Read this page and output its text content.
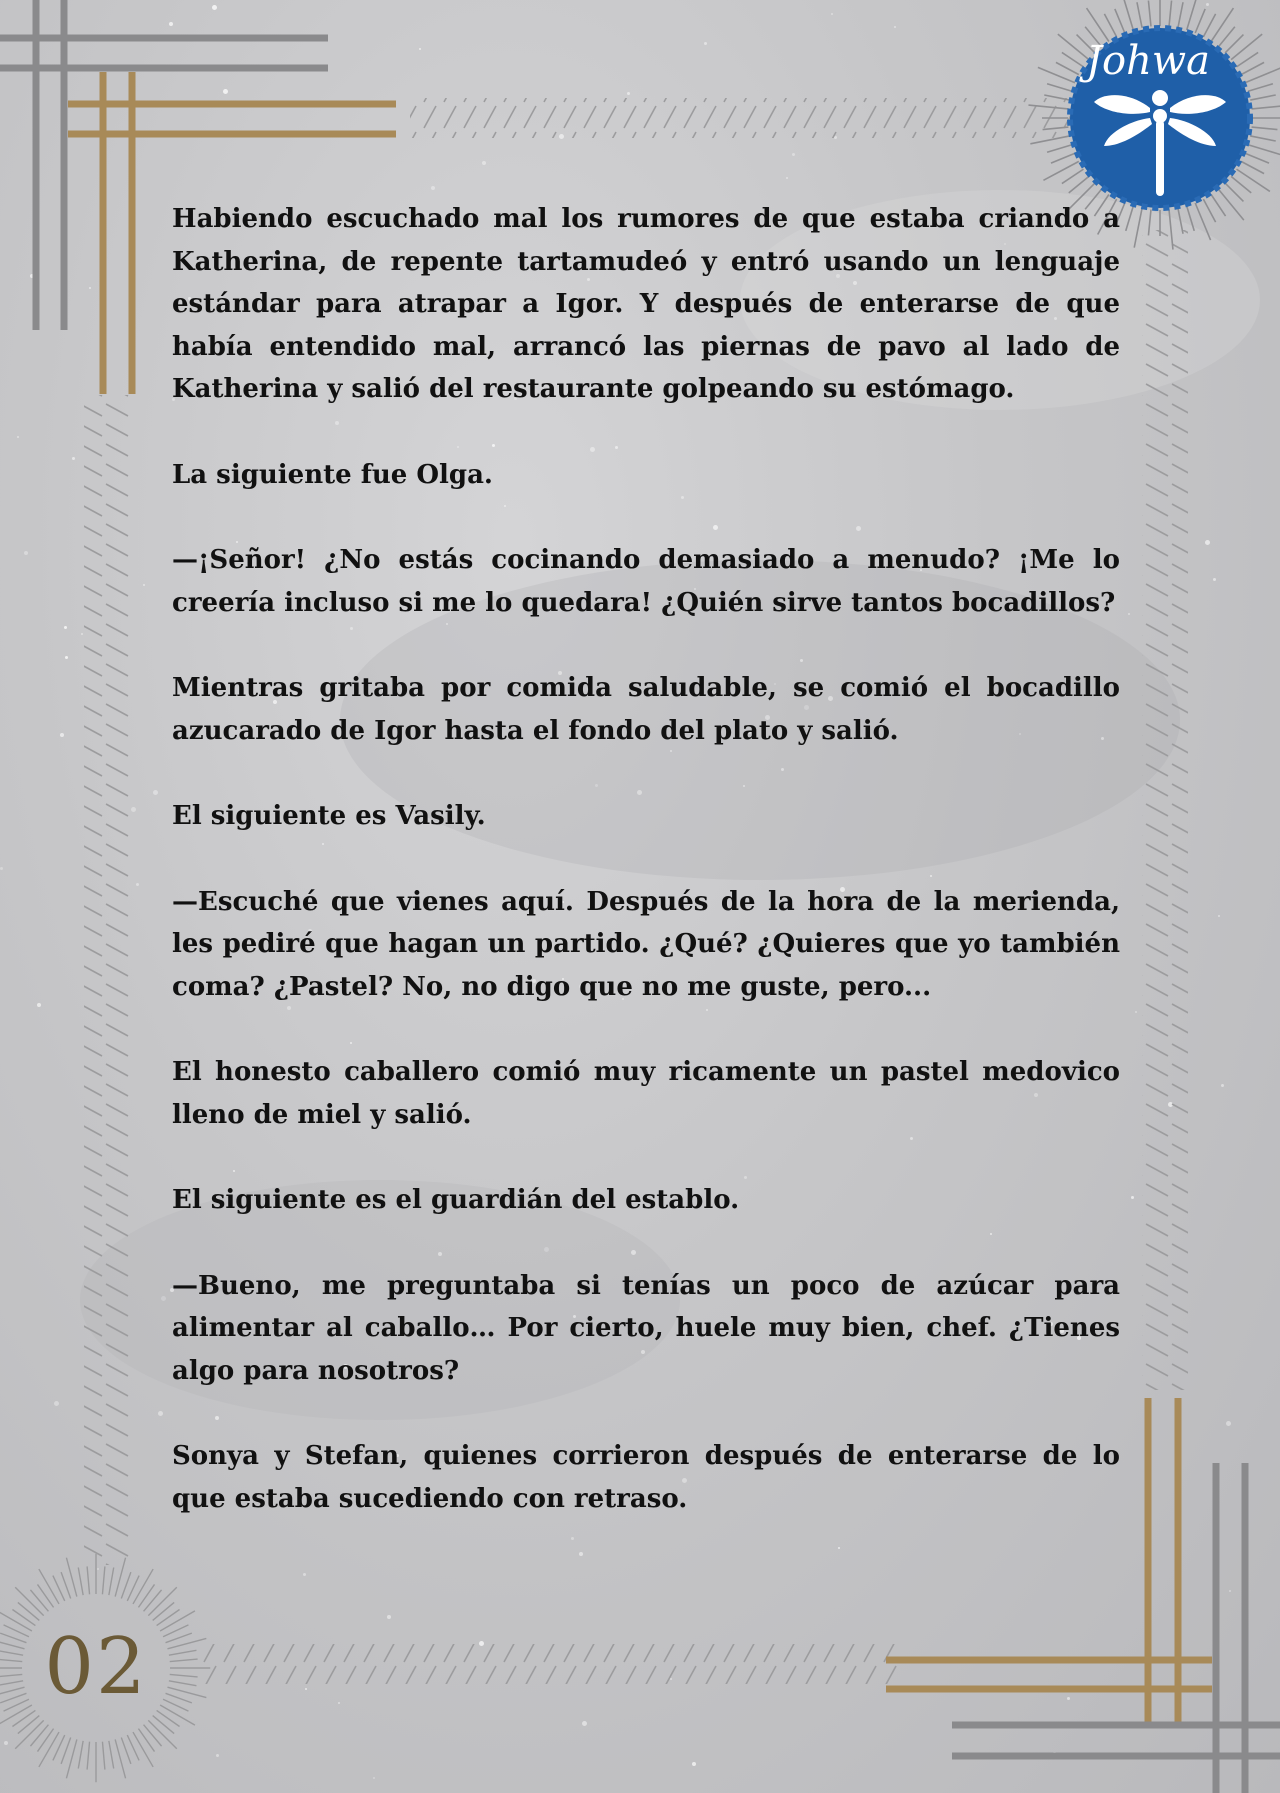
Johwa

Habiendo escuchado mal los rumores de que estaba criando a Katherina, de repente tartamudeó y entró usando un lenguaje estándar para atrapar a Igor. Y después de enterarse de que había entendido mal, arrancó las piernas de pavo al lado de Katherina y salió del restaurante golpeando su estómago.

La siguiente fue Olga.

—¡Señor! ¿No estás cocinando demasiado a menudo? ¡Me lo creería incluso si me lo quedara! ¿Quién sirve tantos bocadillos?

Mientras gritaba por comida saludable, se comió el bocadillo azucarado de Igor hasta el fondo del plato y salió.

El siguiente es Vasily.

—Escuché que vienes aquí. Después de la hora de la merienda, les pediré que hagan un partido. ¿Qué? ¿Quieres que yo también coma? ¿Pastel? No, no digo que no me guste, pero...

El honesto caballero comió muy ricamente un pastel medovico lleno de miel y salió.

El siguiente es el guardián del establo.

—Bueno, me preguntaba si tenías un poco de azúcar para alimentar al caballo… Por cierto, huele muy bien, chef. ¿Tienes algo para nosotros?

Sonya y Stefan, quienes corrieron después de enterarse de lo que estaba sucediendo con retraso.

02
